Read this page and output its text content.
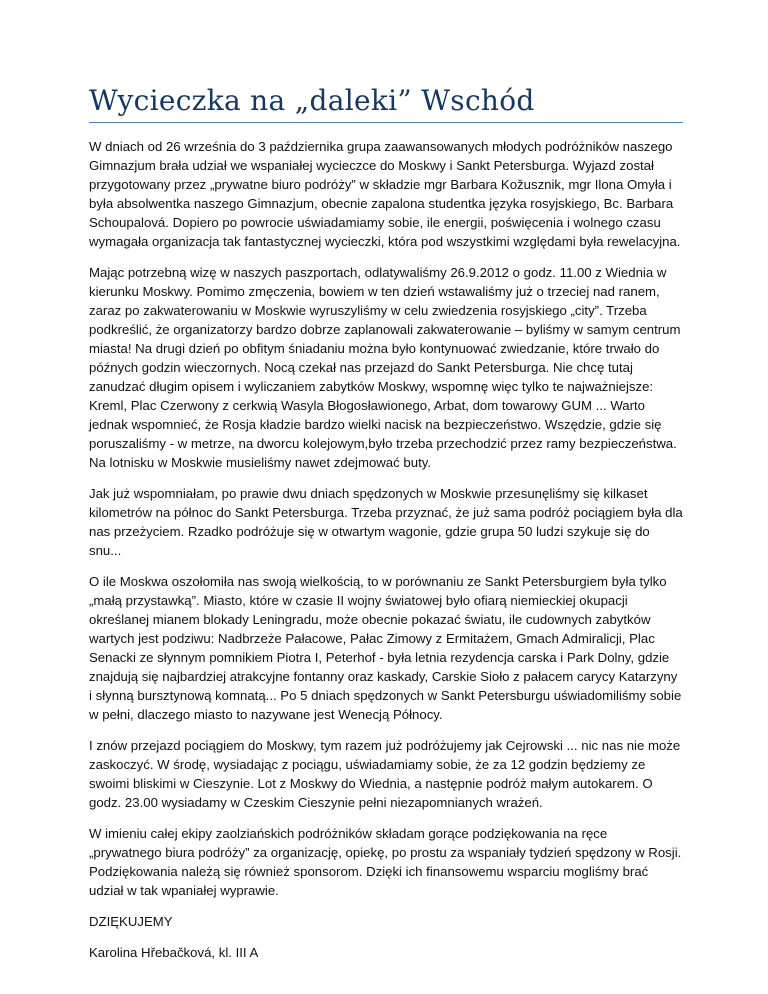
Wycieczka na „daleki” Wschód

W dniach od 26 września do 3 października grupa zaawansowanych młodych podróżników naszego Gimnazjum brała udział we wspaniałej wycieczce do Moskwy i Sankt Petersburga. Wyjazd został przygotowany przez „prywatne biuro podróży” w składzie mgr Barbara Kožusznik, mgr Ilona Omyła i była absolwentka naszego Gimnazjum, obecnie zapalona studentka języka rosyjskiego, Bc. Barbara Schoupalová. Dopiero po powrocie uświadamiamy sobie, ile energii, poświęcenia i wolnego czasu wymagała organizacja tak fantastycznej wycieczki, która pod wszystkimi względami była rewelacyjna.

Mając potrzebną wizę w naszych paszportach, odlatywaliśmy 26.9.2012 o godz. 11.00 z Wiednia w kierunku Moskwy. Pomimo zmęczenia, bowiem w ten dzień wstawaliśmy już o trzeciej nad ranem, zaraz po zakwaterowaniu w Moskwie wyruszyliśmy w celu zwiedzenia rosyjskiego „city”. Trzeba podkreślić, że organizatorzy bardzo dobrze zaplanowali zakwaterowanie – byliśmy w samym centrum miasta! Na drugi dzień po obfitym śniadaniu można było kontynuować zwiedzanie, które trwało do późnych godzin wieczornych. Nocą czekał nas przejazd do Sankt Petersburga. Nie chcę tutaj zanudzać długim opisem i wyliczaniem zabytków Moskwy, wspomnę więc tylko te najważniejsze: Kreml, Plac Czerwony z cerkwią Wasyla Błogosławionego, Arbat, dom towarowy GUM ... Warto jednak wspomnieć, że Rosja kładzie bardzo wielki nacisk na bezpieczeństwo. Wszędzie, gdzie się poruszaliśmy - w metrze, na dworcu kolejowym,było trzeba przechodzić przez ramy bezpieczeństwa. Na lotnisku w Moskwie musieliśmy nawet zdejmować buty.

Jak już wspomniałam, po prawie dwu dniach spędzonych w Moskwie przesunęliśmy się kilkaset kilometrów na północ do Sankt Petersburga. Trzeba przyznać, że już sama podróż pociągiem była dla nas przeżyciem. Rzadko podróżuje się w otwartym wagonie, gdzie grupa 50 ludzi szykuje się do snu...

O ile Moskwa oszołomiła nas swoją wielkością, to w porównaniu ze Sankt Petersburgiem była tylko „małą przystawką”. Miasto, które w czasie II wojny światowej było ofiarą niemieckiej okupacji określanej mianem blokady Leningradu, może obecnie pokazać światu, ile cudownych zabytków wartych jest podziwu: Nadbrzeże Pałacowe, Pałac Zimowy z Ermitażem, Gmach Admiralicji, Plac Senacki ze słynnym pomnikiem Piotra I, Peterhof - była letnia rezydencja carska i Park Dolny, gdzie znajdują się najbardziej atrakcyjne fontanny oraz kaskady, Carskie Sioło z pałacem carycy Katarzyny i słynną bursztynową komnatą... Po 5 dniach spędzonych w Sankt Petersburgu uświadomiliśmy sobie w pełni, dlaczego miasto to nazywane jest Wenecją Północy.

I znów przejazd pociągiem do Moskwy, tym razem już podróżujemy jak Cejrowski ... nic nas nie może zaskoczyć. W środę, wysiadając z pociągu, uświadamiamy sobie, że za 12 godzin będziemy ze swoimi bliskimi w Cieszynie. Lot z Moskwy do Wiednia, a następnie podróż małym autokarem. O godz. 23.00 wysiadamy w Czeskim Cieszynie pełni niezapomnianych wrażeń.

W imieniu całej ekipy zaolziańskich podróżników składam gorące podziękowania na ręce „prywatnego biura podróży” za organizację, opiekę, po prostu za wspaniały tydzień spędzony w Rosji. Podziękowania należą się również sponsorom. Dzięki ich finansowemu wsparciu mogliśmy brać udział w tak wpaniałej wyprawie.

DZIĘKUJEMY

Karolina Hřebačková, kl. III A
